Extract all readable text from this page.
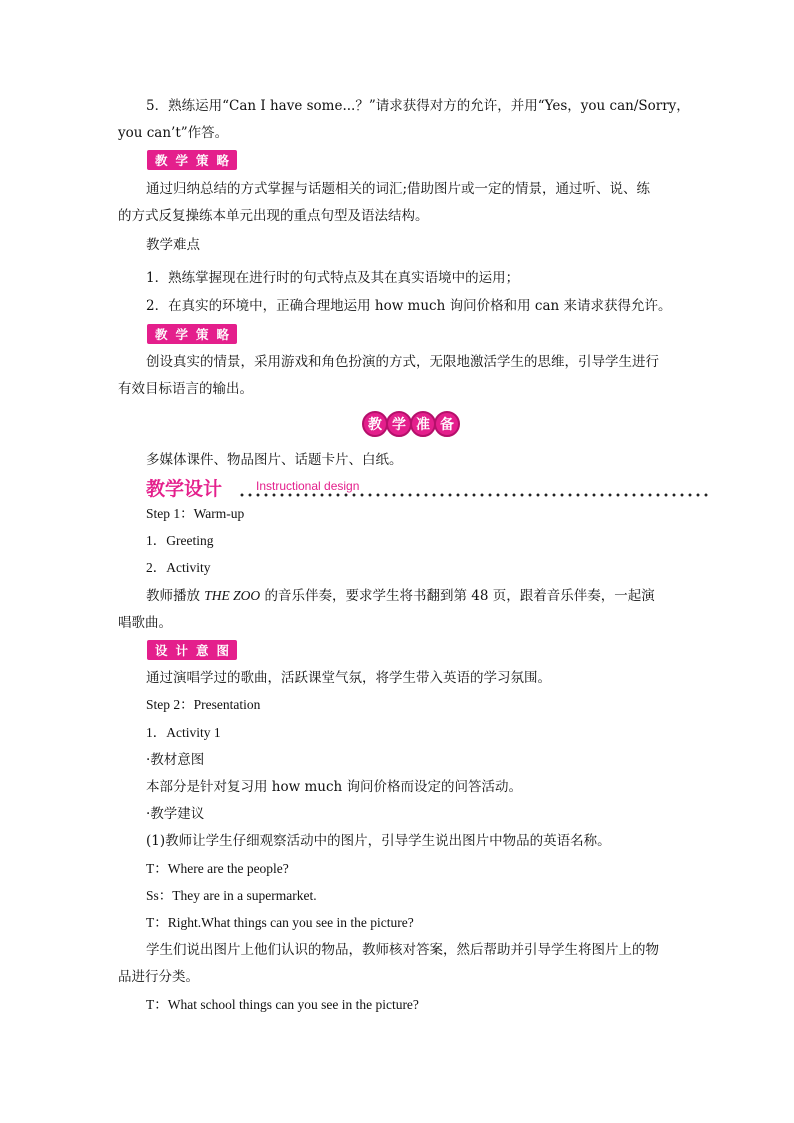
5．熟练运用“Can I have some...？”请求获得对方的允许，并用“Yes，you can/Sorry，
you can’t”作答。
教 学 策 略
通过归纳总结的方式掌握与话题相关的词汇;借助图片或一定的情景，通过听、说、练
的方式反复操练本单元出现的重点句型及语法结构。
教学难点
1．熟练掌握现在进行时的句式特点及其在真实语境中的运用；
2．在真实的环境中，正确合理地运用 how much 询问价格和用 can 来请求获得允许。
教 学 策 略
创设真实的情景，采用游戏和角色扮演的方式，无限地激活学生的思维，引导学生进行
有效目标语言的输出。
教 学 准 备
多媒体课件、物品图片、话题卡片、白纸。
教学设计	Instructional design
Step 1：Warm-up
1．Greeting
2．Activity
教师播放 THE ZOO 的音乐伴奏，要求学生将书翻到第 48 页，跟着音乐伴奏，一起演
唱歌曲。
设 计 意 图
通过演唱学过的歌曲，活跃课堂气氛，将学生带入英语的学习氛围。
Step 2：Presentation
1．Activity 1
·教材意图
本部分是针对复习用 how much 询问价格而设定的问答活动。
·教学建议
(1)教师让学生仔细观察活动中的图片，引导学生说出图片中物品的英语名称。
T：Where are the people?
Ss：They are in a supermarket.
T：Right.What things can you see in the picture?
学生们说出图片上他们认识的物品，教师核对答案，然后帮助并引导学生将图片上的物
品进行分类。
T：What school things can you see in the picture?
